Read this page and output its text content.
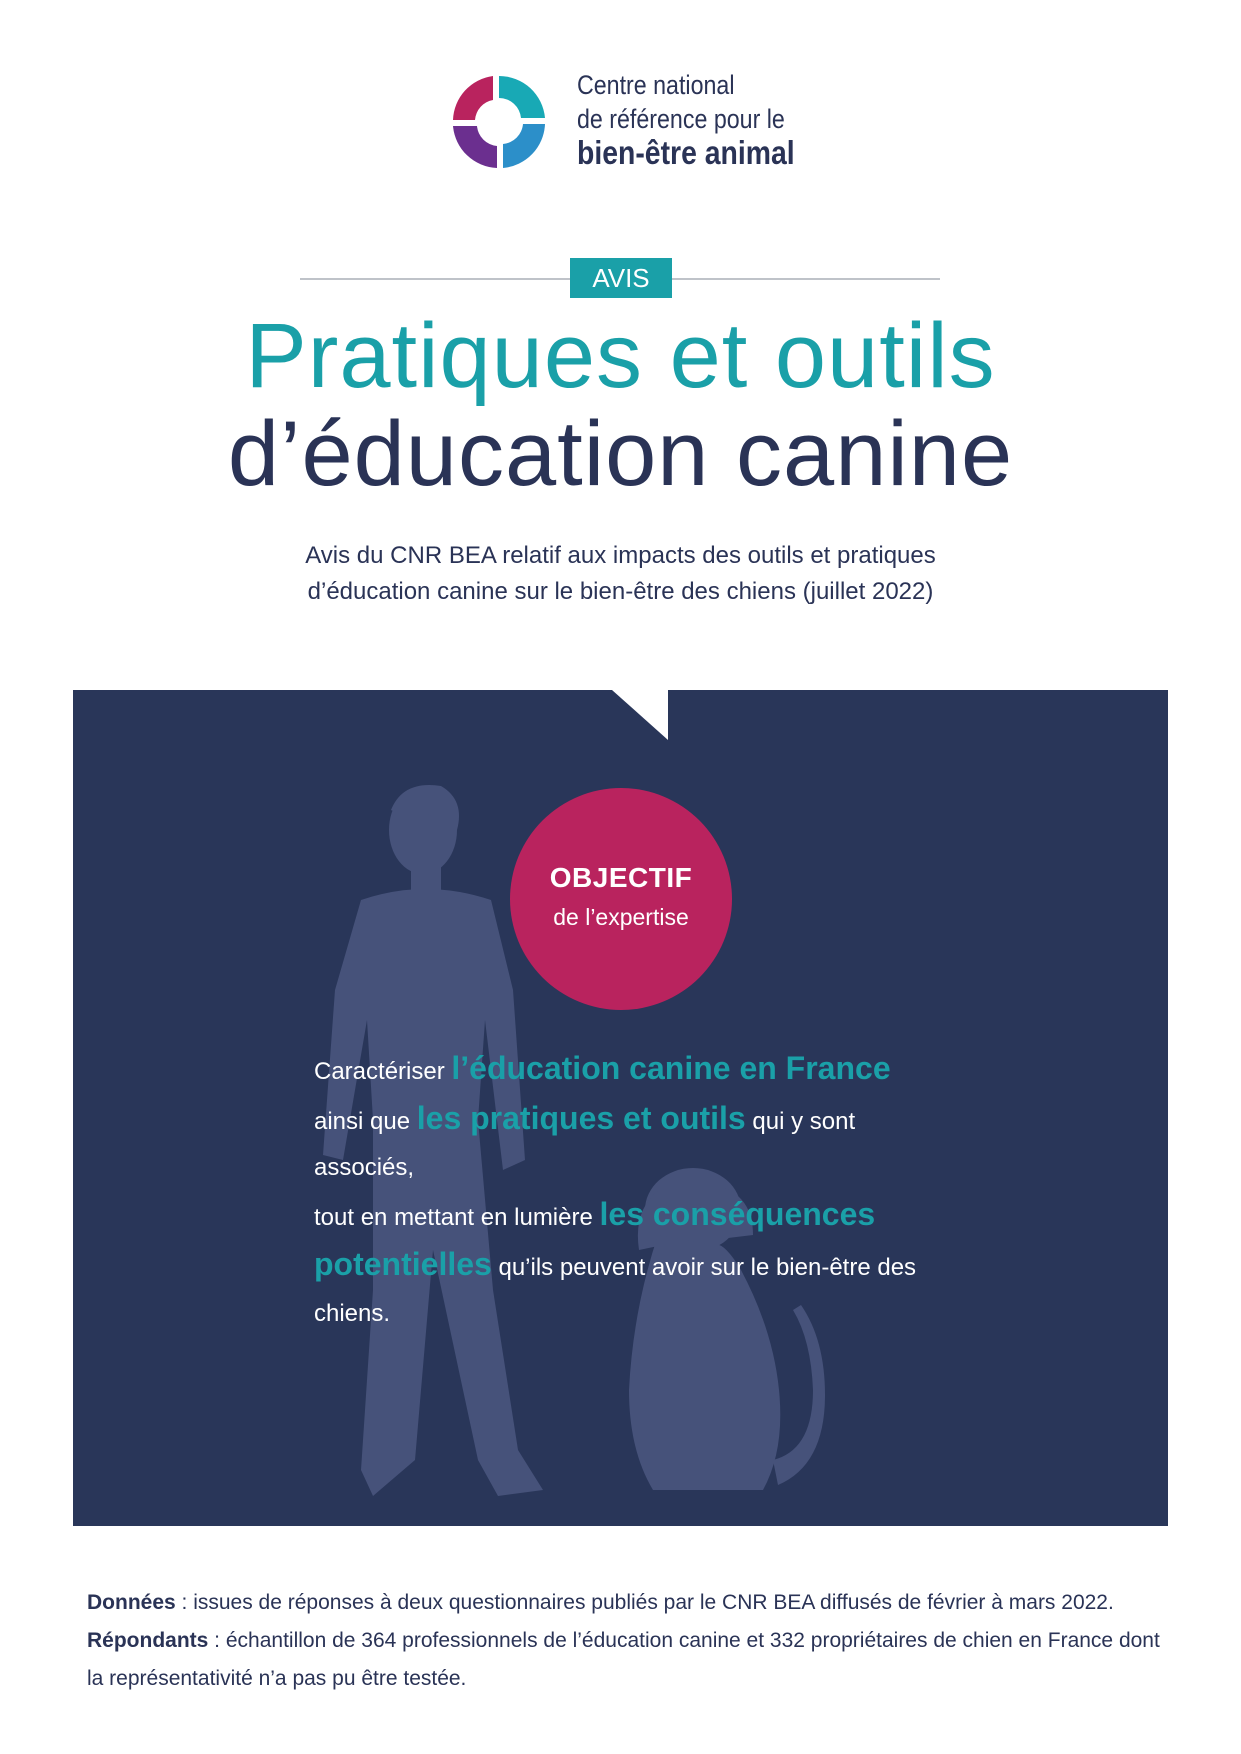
Centre national
de référence pour le
bien-être animal
AVIS
Pratiques et outils
d’éducation canine
Avis du CNR BEA relatif aux impacts des outils et pratiques
d’éducation canine sur le bien-être des chiens (juillet 2022)
OBJECTIF
de l’expertise
Caractériser l’éducation canine en France
ainsi que les pratiques et outils qui y sont associés,
tout en mettant en lumière les conséquences
potentielles qu’ils peuvent avoir sur le bien-être des
chiens.
Données : issues de réponses à deux questionnaires publiés par le CNR BEA diffusés de février à mars 2022.
Répondants : échantillon de 364 professionnels de l’éducation canine et 332 propriétaires de chien en France dont
la représentativité n’a pas pu être testée.
